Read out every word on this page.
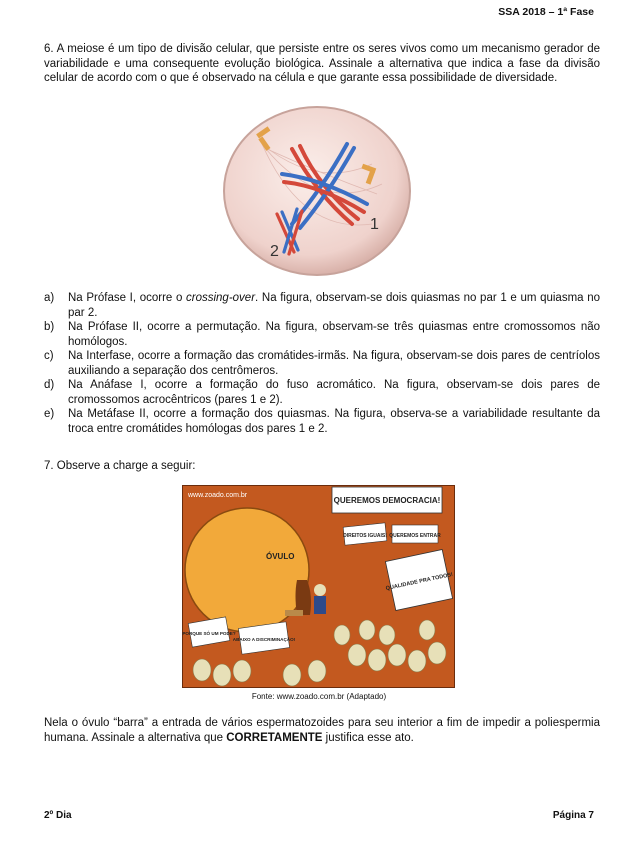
SSA 2018 – 1ª Fase
6. A meiose é um tipo de divisão celular, que persiste entre os seres vivos como um mecanismo gerador de variabilidade e uma consequente evolução biológica. Assinale a alternativa que indica a fase da divisão celular de acordo com o que é observado na célula e que garante essa possibilidade de diversidade.
1
2
a)	Na Prófase I, ocorre o crossing-over. Na figura, observam-se dois quiasmas no par 1 e um quiasma no par 2.
b)	Na Prófase II, ocorre a permutação. Na figura, observam-se três quiasmas entre cromossomos não homólogos.
c)	Na Interfase, ocorre a formação das cromátides-irmãs. Na figura, observam-se dois pares de centríolos auxiliando a separação dos centrômeros.
d)	Na Anáfase I, ocorre a formação do fuso acromático. Na figura, observam-se dois pares de cromossomos acrocêntricos (pares 1 e 2).
e)	Na Metáfase II, ocorre a formação dos quiasmas. Na figura, observa-se a variabilidade resultante da troca entre cromátides homólogas dos pares 1 e 2.
7. Observe a charge a seguir:
ÓVULO
www.zoado.com.br
QUEREMOS DEMOCRACIA!
DIREITOS IGUAIS! QUEREMOS ENTRAR
QUALIDADE PRA TODOS!
PORQUE SÓ UM PODE?
ABAIXO A DISCRIMINAÇÃO!
Fonte: www.zoado.com.br (Adaptado)
Nela o óvulo “barra” a entrada de vários espermatozoides para seu interior a fim de impedir a poliespermia humana. Assinale a alternativa que CORRETAMENTE justifica esse ato.
2º Dia	Página 7
